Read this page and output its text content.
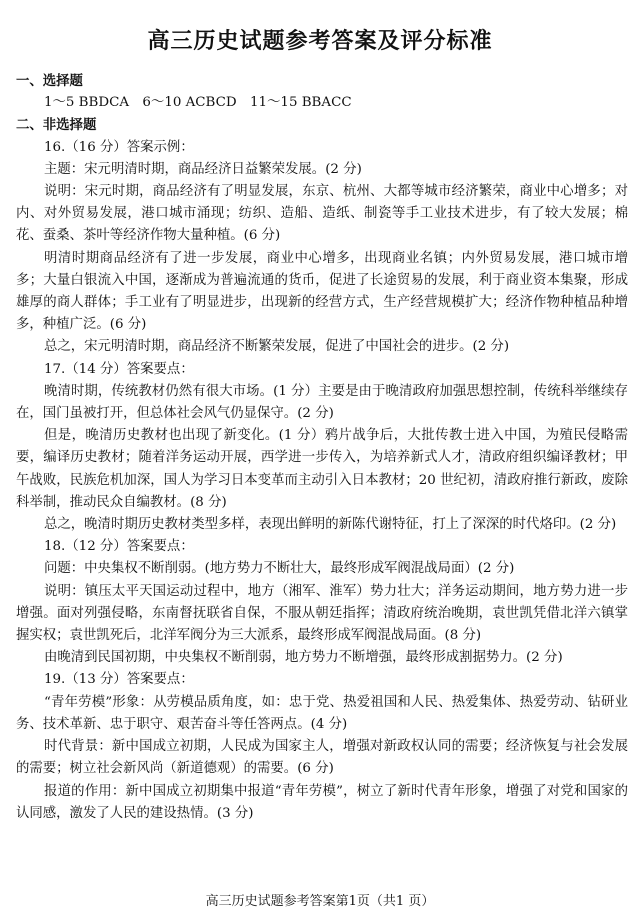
高三历史试题参考答案及评分标准

一、选择题

1～5 BBDCA　6～10 ACBCD　11～15 BBACC

二、非选择题

16.（16 分）答案示例：

主题：宋元明清时期，商品经济日益繁荣发展。(2 分)

说明：宋元时期，商品经济有了明显发展，东京、杭州、大都等城市经济繁荣，商业中心增多；对内、对外贸易发展，港口城市涌现；纺织、造船、造纸、制瓷等手工业技术进步，有了较大发展；棉花、蚕桑、茶叶等经济作物大量种植。(6 分)

明清时期商品经济有了进一步发展，商业中心增多，出现商业名镇；内外贸易发展，港口城市增多；大量白银流入中国，逐渐成为普遍流通的货币，促进了长途贸易的发展，利于商业资本集聚，形成雄厚的商人群体；手工业有了明显进步，出现新的经营方式，生产经营规模扩大；经济作物种植品种增多，种植广泛。(6 分)

总之，宋元明清时期，商品经济不断繁荣发展，促进了中国社会的进步。(2 分)

17.（14 分）答案要点：

晚清时期，传统教材仍然有很大市场。(1 分）主要是由于晚清政府加强思想控制，传统科举继续存在，国门虽被打开，但总体社会风气仍显保守。(2 分)

但是，晚清历史教材也出现了新变化。(1 分）鸦片战争后，大批传教士进入中国，为殖民侵略需要，编译历史教材；随着洋务运动开展，西学进一步传入，为培养新式人才，清政府组织编译教材；甲午战败，民族危机加深，国人为学习日本变革而主动引入日本教材；20 世纪初，清政府推行新政，废除科举制，推动民众自编教材。(8 分)

总之，晚清时期历史教材类型多样，表现出鲜明的新陈代谢特征，打上了深深的时代烙印。(2 分)

18.（12 分）答案要点：

问题：中央集权不断削弱。(地方势力不断壮大，最终形成军阀混战局面）(2 分)

说明：镇压太平天国运动过程中，地方（湘军、淮军）势力壮大；洋务运动期间，地方势力进一步增强。面对列强侵略，东南督抚联省自保，不服从朝廷指挥；清政府统治晚期，袁世凯凭借北洋六镇掌握实权；袁世凯死后，北洋军阀分为三大派系，最终形成军阀混战局面。(8 分)

由晚清到民国初期，中央集权不断削弱，地方势力不断增强，最终形成割据势力。(2 分)

19.（13 分）答案要点：

“青年劳模”形象：从劳模品质角度，如：忠于党、热爱祖国和人民、热爱集体、热爱劳动、钻研业务、技术革新、忠于职守、艰苦奋斗等任答两点。(4 分)

时代背景：新中国成立初期，人民成为国家主人，增强对新政权认同的需要；经济恢复与社会发展的需要；树立社会新风尚（新道德观）的需要。(6 分)

报道的作用：新中国成立初期集中报道“青年劳模”，树立了新时代青年形象，增强了对党和国家的认同感，激发了人民的建设热情。(3 分)

高三历史试题参考答案第1页（共1 页）
